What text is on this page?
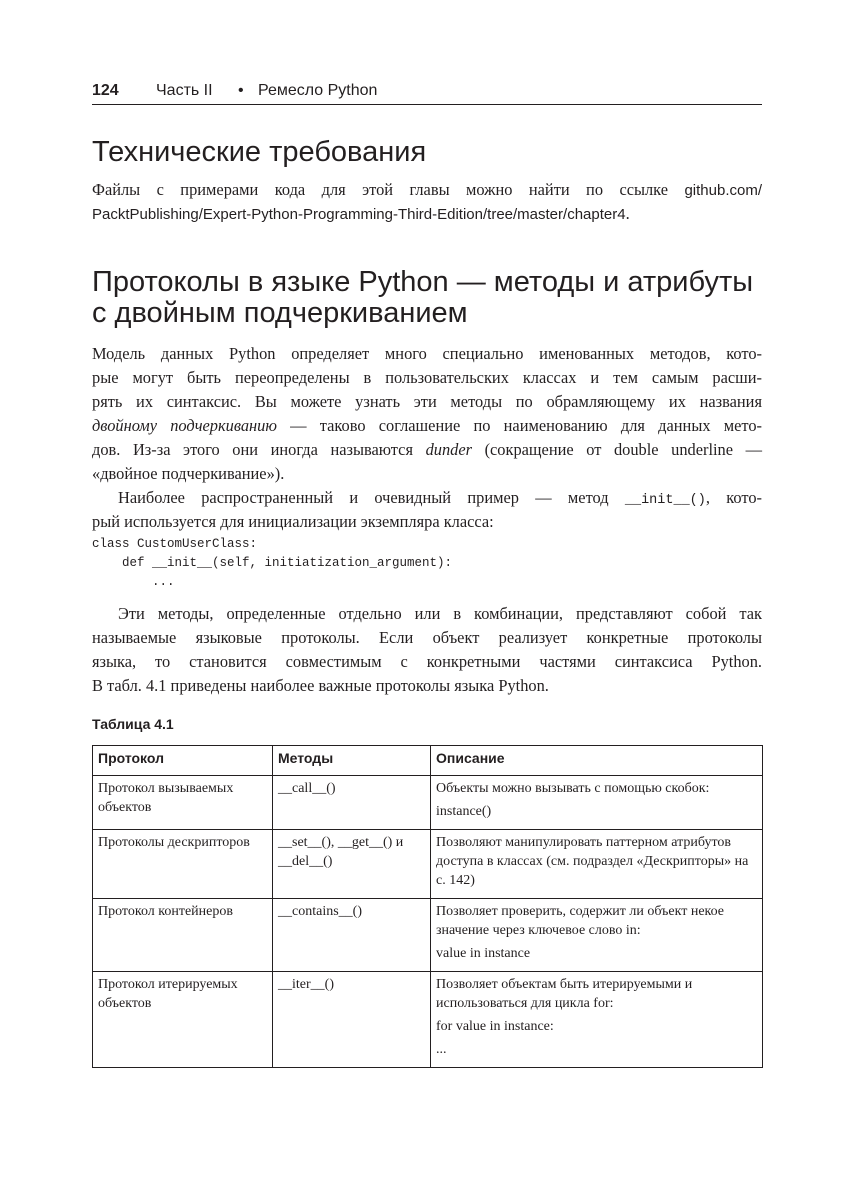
124 Часть II • Ремесло Python
Технические требования
Файлы с примерами кода для этой главы можно найти по ссылке github.com/
PacktPublishing/Expert-Python-Programming-Third-Edition/tree/master/chapter4.
Протоколы в языке Python — методы и атрибуты
с двойным подчеркиванием
Модель данных Python определяет много специально именованных методов, кото-
рые могут быть переопределены в пользовательских классах и тем самым расши-
рять их синтаксис. Вы можете узнать эти методы по обрамляющему их названия
двойному подчеркиванию — таково соглашение по наименованию для данных мето-
дов. Из-за этого они иногда называются dunder (сокращение от double underline —
«двойное подчеркивание»).
Наиболее распространенный и очевидный пример — метод __init__(), кото-
рый используется для инициализации экземпляра класса:
class CustomUserClass:
def __init__(self, initiatization_argument):
...
Эти методы, определенные отдельно или в комбинации, представляют собой так
называемые языковые протоколы. Если объект реализует конкретные протоколы
языка, то становится совместимым с конкретными частями синтаксиса Python.
В табл. 4.1 приведены наиболее важные протоколы языка Python.
Таблица 4.1
Протокол	Методы	Описание
Протокол вызываемых объектов	__call__()	Объекты можно вызывать с помощью скобок:

instance()

Протоколы дескрипторов	__set__(), __get__() и __del__()	Позволяют манипулировать паттерном атрибутов доступа в классах (см. подраздел «Дескрипторы» на с. 142)

Протокол контейнеров	__contains__()	Позволяет проверить, содержит ли объект некое значение через ключевое слово in:

value in instance

Протокол итерируемых объектов	__iter__()	Позволяет объектам быть итерируемыми и использоваться для цикла for:

for value in instance:

...
